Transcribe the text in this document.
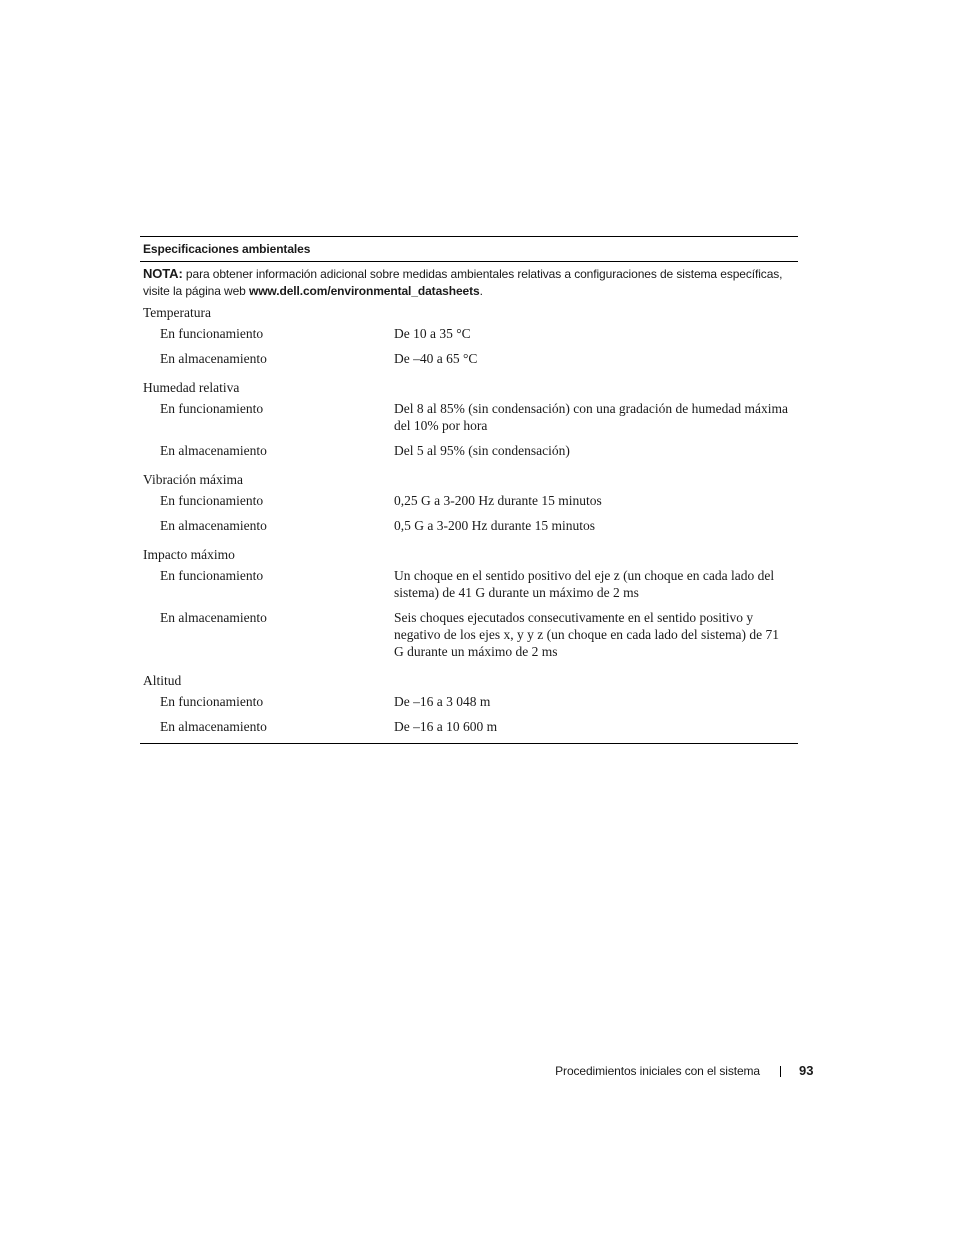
Especificaciones ambientales
NOTA: para obtener información adicional sobre medidas ambientales relativas a configuraciones de sistema específicas, visite la página web www.dell.com/environmental_datasheets.
Temperatura
En funcionamiento	De 10 a 35 °C
En almacenamiento	De –40 a 65 °C
Humedad relativa
En funcionamiento	Del 8 al 85% (sin condensación) con una gradación de humedad máxima del 10% por hora
En almacenamiento	Del 5 al 95% (sin condensación)
Vibración máxima
En funcionamiento	0,25 G a 3-200 Hz durante 15 minutos
En almacenamiento	0,5 G a 3-200 Hz durante 15 minutos
Impacto máximo
En funcionamiento	Un choque en el sentido positivo del eje z (un choque en cada lado del sistema) de 41 G durante un máximo de 2 ms
En almacenamiento	Seis choques ejecutados consecutivamente en el sentido positivo y negativo de los ejes x, y y z (un choque en cada lado del sistema) de 71 G durante un máximo de 2 ms
Altitud
En funcionamiento	De –16 a 3 048 m
En almacenamiento	De –16 a 10 600 m
Procedimientos iniciales con el sistema	93
